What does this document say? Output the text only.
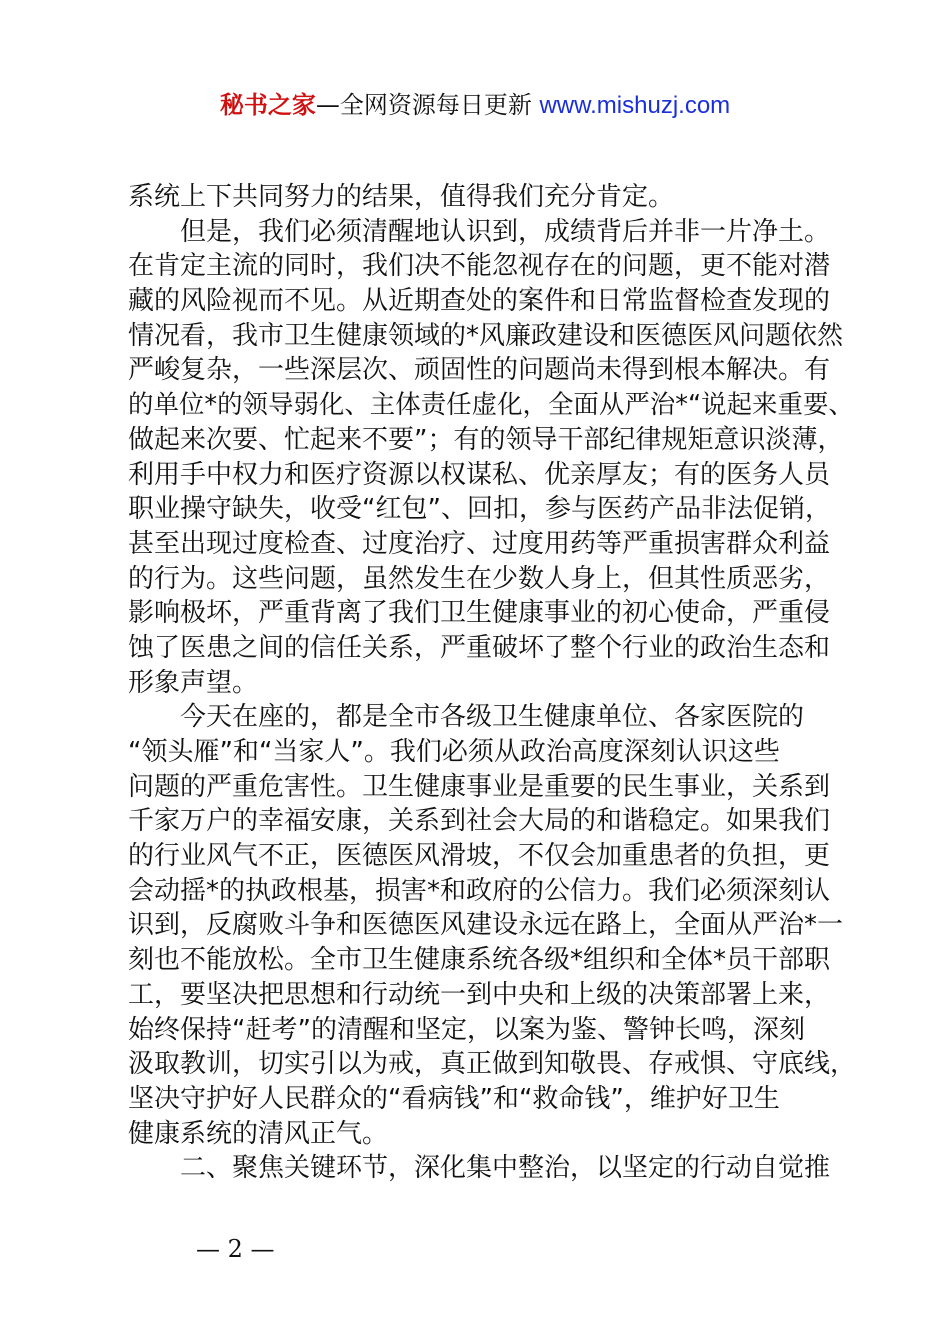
秘书之家—全网资源每日更新 www.mishuzj.com
系统上下共同努力的结果，值得我们充分肯定。
但是，我们必须清醒地认识到，成绩背后并非一片净土。
在肯定主流的同时，我们决不能忽视存在的问题，更不能对潜
藏的风险视而不见。从近期查处的案件和日常监督检查发现的
情况看，我市卫生健康领域的*风廉政建设和医德医风问题依然
严峻复杂，一些深层次、顽固性的问题尚未得到根本解决。有
的单位*的领导弱化、主体责任虚化，全面从严治*“说起来重要、
做起来次要、忙起来不要”；有的领导干部纪律规矩意识淡薄，
利用手中权力和医疗资源以权谋私、优亲厚友；有的医务人员
职业操守缺失，收受“红包”、回扣，参与医药产品非法促销，
甚至出现过度检查、过度治疗、过度用药等严重损害群众利益
的行为。这些问题，虽然发生在少数人身上，但其性质恶劣，
影响极坏，严重背离了我们卫生健康事业的初心使命，严重侵
蚀了医患之间的信任关系，严重破坏了整个行业的政治生态和
形象声望。
今天在座的，都是全市各级卫生健康单位、各家医院的
“领头雁”和“当家人”。我们必须从政治高度深刻认识这些
问题的严重危害性。卫生健康事业是重要的民生事业，关系到
千家万户的幸福安康，关系到社会大局的和谐稳定。如果我们
的行业风气不正，医德医风滑坡，不仅会加重患者的负担，更
会动摇*的执政根基，损害*和政府的公信力。我们必须深刻认
识到，反腐败斗争和医德医风建设永远在路上，全面从严治*一
刻也不能放松。全市卫生健康系统各级*组织和全体*员干部职
工，要坚决把思想和行动统一到中央和上级的决策部署上来，
始终保持“赶考”的清醒和坚定，以案为鉴、警钟长鸣，深刻
汲取教训，切实引以为戒，真正做到知敬畏、存戒惧、守底线，
坚决守护好人民群众的“看病钱”和“救命钱”，维护好卫生
健康系统的清风正气。
二、聚焦关键环节，深化集中整治，以坚定的行动自觉推
— 2 —
